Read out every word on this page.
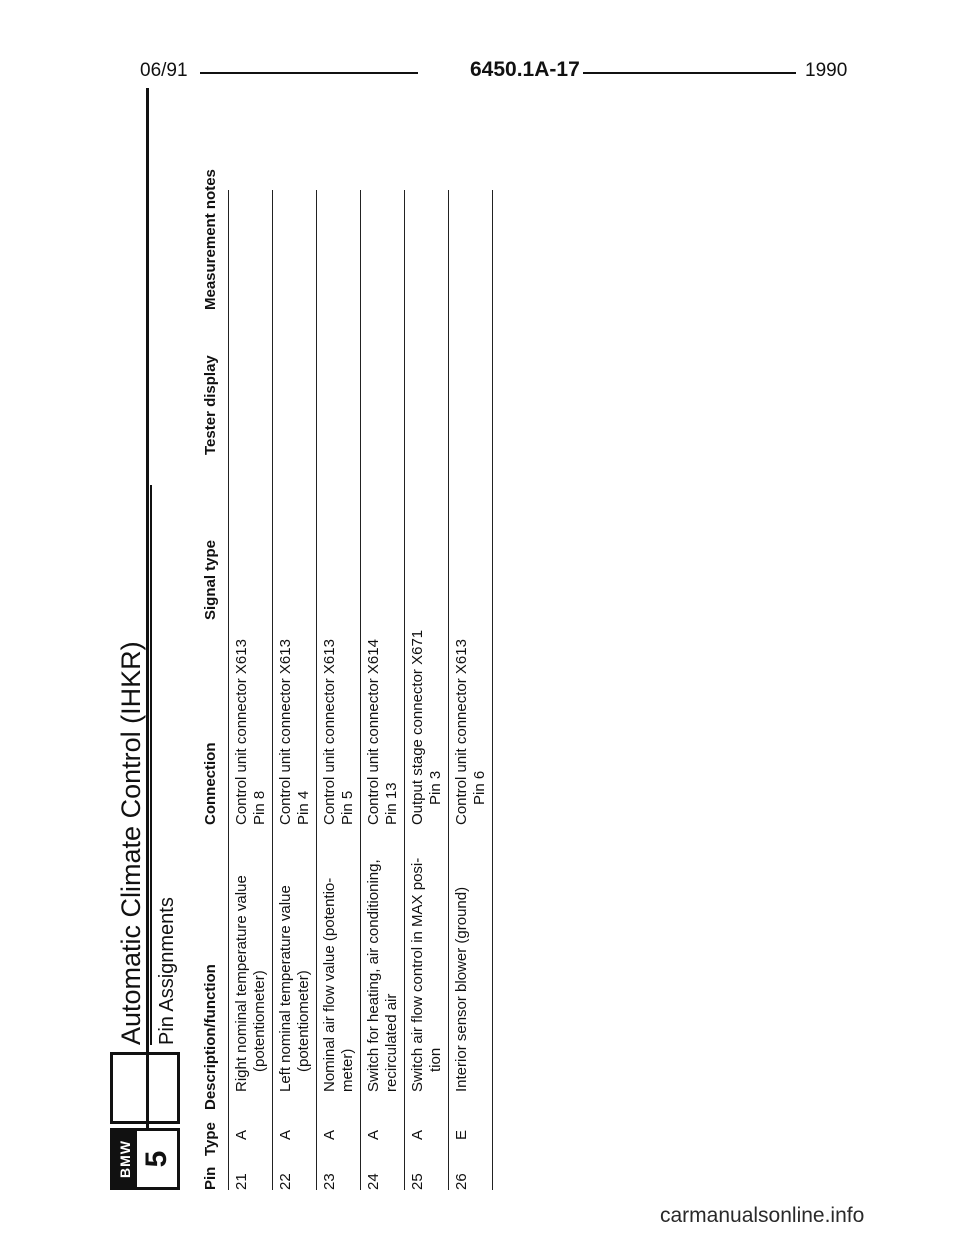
06/91	6450.1A-17	1990
BMW 5
Automatic Climate Control (IHKR) Pin Assignments
Pin
Type
Description/function
Connection
Signal type
Tester display
Measurement notes
21
A
Right nominal temperature value (potentiometer)
Control unit connector X613 Pin 8
22
A
Left nominal temperature value (potentiometer)
Control unit connector X613 Pin 4
23
A
Nominal air flow value (potentio- meter)
Control unit connector X613 Pin 5
24
A
Switch for heating, air conditioning, recirculated air
Control unit connector X614 Pin 13
25
A
Switch air flow control in MAX posi- tion
Output stage connector X671 Pin 3
26
E
Interior sensor blower (ground)
Control unit connector X613 Pin 6
carmanualsonline.info
